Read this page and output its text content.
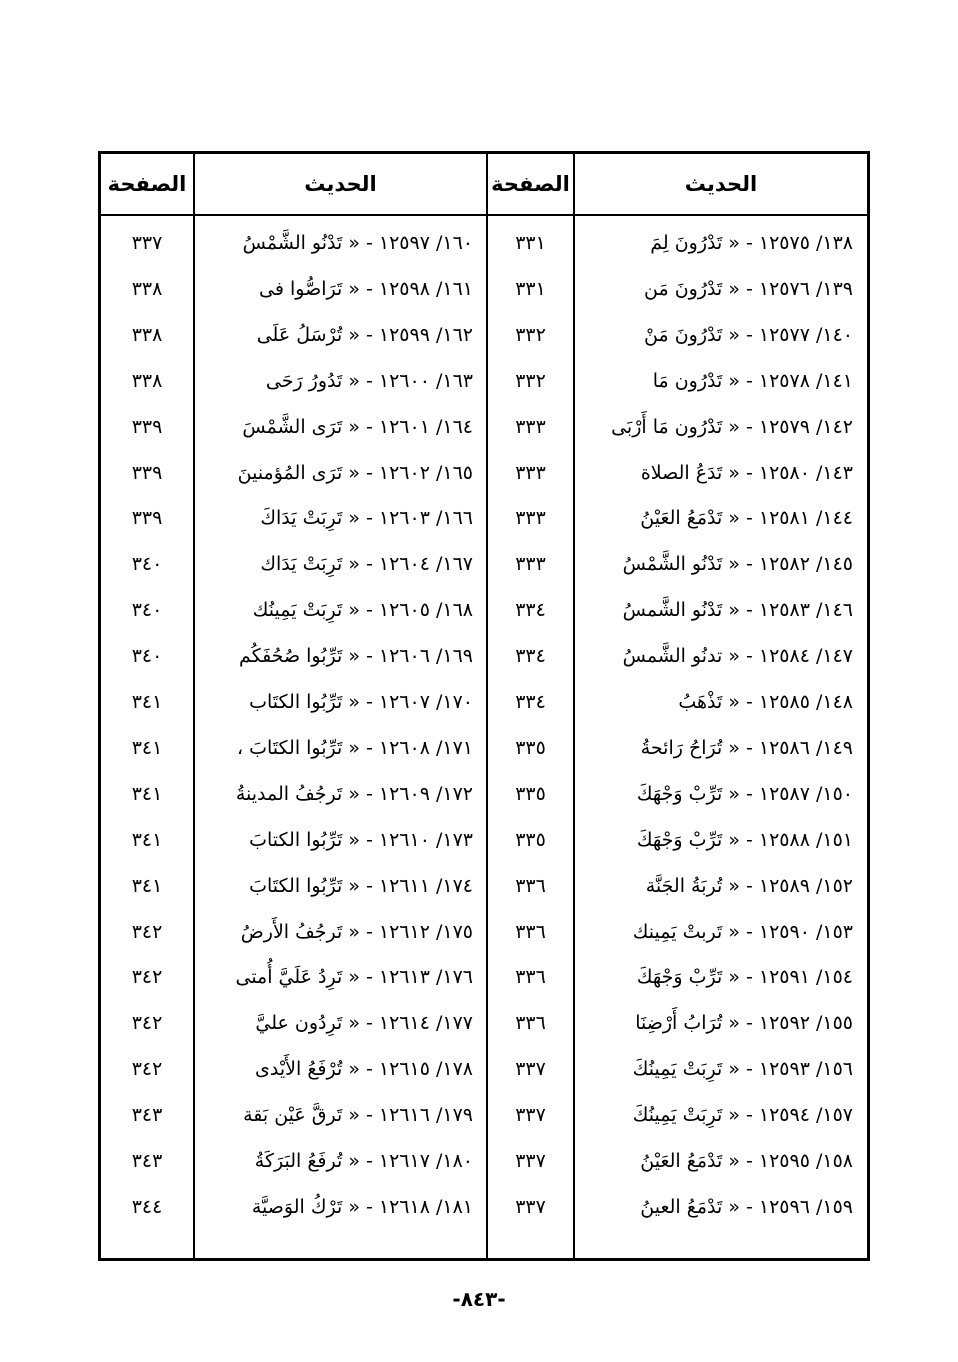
الحديث
الصفحة
الحديث
الصفحة
١٣٨/ ١٢٥٧٥ - « تَدْرُونَ لِمَ
٣٣١
١٣٩/ ١٢٥٧٦ - « تَدْرُونَ مَن
٣٣١
١٤٠/ ١٢٥٧٧ - « تَدْرُونَ مَنْ
٣٣٢
١٤١/ ١٢٥٧٨ - « تَدْرُون مَا
٣٣٢
١٤٢/ ١٢٥٧٩ - « تَدْرُون مَا أَرْبَى
٣٣٣
١٤٣/ ١٢٥٨٠ - « تَدَعُ الصلاة
٣٣٣
١٤٤/ ١٢٥٨١ - « تَدْمَعُ العَيْنُ
٣٣٣
١٤٥/ ١٢٥٨٢ - « تَدْنُو الشَّمْسُ
٣٣٣
١٤٦/ ١٢٥٨٣ - « تَدْنُو الشَّمسُ
٣٣٤
١٤٧/ ١٢٥٨٤ - « تدنُو الشَّمسُ
٣٣٤
١٤٨/ ١٢٥٨٥ - « تَذْهَبُ
٣٣٤
١٤٩/ ١٢٥٨٦ - « تُرَاحُ رَائحةُ
٣٣٥
١٥٠/ ١٢٥٨٧ - « تَرِّبْ وَجْهَكَ
٣٣٥
١٥١/ ١٢٥٨٨ - « تَرِّبْ وَجْهَكَ
٣٣٥
١٥٢/ ١٢٥٨٩ - « تُربَةُ الجَنَّة
٣٣٦
١٥٣/ ١٢٥٩٠ - « تَربتْ يَمِينك
٣٣٦
١٥٤/ ١٢٥٩١ - « تَرِّبْ وَجْهَكَ
٣٣٦
١٥٥/ ١٢٥٩٢ - « تُرَابُ أَرْضِنَا
٣٣٦
١٥٦/ ١٢٥٩٣ - « تَرِبَتْ يَمِينُكَ
٣٣٧
١٥٧/ ١٢٥٩٤ - « تَرِبَتْ يَمِينُكَ
٣٣٧
١٥٨/ ١٢٥٩٥ - « تَدْمَعُ العَيْنُ
٣٣٧
١٥٩/ ١٢٥٩٦ - « تَدْمَعُ العينُ
٣٣٧
١٦٠/ ١٢٥٩٧ - « تَدْنُو الشَّمْسُ
٣٣٧
١٦١/ ١٢٥٩٨ - « تَرَاصُّوا فى
٣٣٨
١٦٢/ ١٢٥٩٩ - « تُرْسَلُ عَلَى
٣٣٨
١٦٣/ ١٢٦٠٠ - « تَدُورُ رَحَى
٣٣٨
١٦٤/ ١٢٦٠١ - « تَرَى الشَّمْسَ
٣٣٩
١٦٥/ ١٢٦٠٢ - « تَرَى المُؤمنينَ
٣٣٩
١٦٦/ ١٢٦٠٣ - « تَرِبَتْ يَدَاكَ
٣٣٩
١٦٧/ ١٢٦٠٤ - « تَرِبَتْ يَدَاك
٣٤٠
١٦٨/ ١٢٦٠٥ - « تَرِبَتْ يَمِينُك
٣٤٠
١٦٩/ ١٢٦٠٦ - « تَرِّبُوا صُحُفَكُم
٣٤٠
١٧٠/ ١٢٦٠٧ - « تَرِّبُوا الكتَاب
٣٤١
١٧١/ ١٢٦٠٨ - « تَرِّبُوا الكتَابَ ،
٣٤١
١٧٢/ ١٢٦٠٩ - « تَرجُفُ المدينةُ
٣٤١
١٧٣/ ١٢٦١٠ - « تَرِّبُوا الكتابَ
٣٤١
١٧٤/ ١٢٦١١ - « تَرِّبُوا الكتَابَ
٣٤١
١٧٥/ ١٢٦١٢ - « تَرجُفُ الأَرضُ
٣٤٢
١٧٦/ ١٢٦١٣ - « تَرِدُ عَلَيَّ أُمتى
٣٤٢
١٧٧/ ١٢٦١٤ - « تَرِدُون عليَّ
٣٤٢
١٧٨/ ١٢٦١٥ - « تُرْفَعُ الأَيْدى
٣٤٢
١٧٩/ ١٢٦١٦ - « تَرقَّ عَيْن بَقة
٣٤٣
١٨٠/ ١٢٦١٧ - « تُرفَعُ البَرَكَةُ
٣٤٣
١٨١/ ١٢٦١٨ - « تَرْكُ الوَصيَّة
٣٤٤
-٨٤٣-
